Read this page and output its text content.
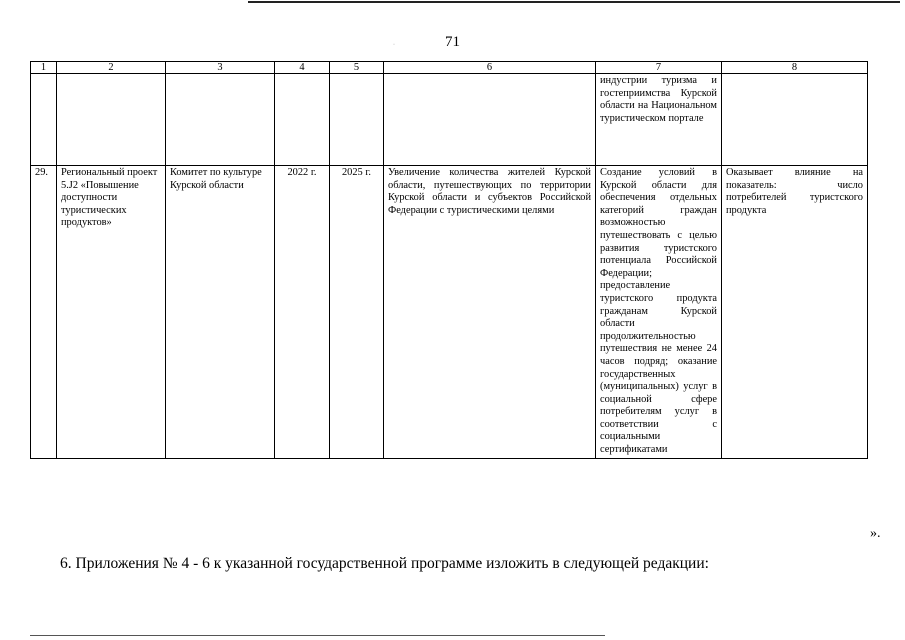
71
·
1	2	3	4	5	6	7	8
						индустрии туризма и гостеприимства Курской области на Национальном туристическом портале	
29.	Региональный проект 5.J2 «Повышение доступности туристических продуктов»	Комитет по культуре Курской области	2022 г.	2025 г.	Увеличение количества жителей Курской области, путешествующих по территории Курской области и субъектов Российской Федерации с туристическими целями	Создание условий в Курской области для обеспечения отдельных категорий граждан возможностью путешествовать с целью развития туристского потенциала Российской Федерации; предоставление туристского продукта гражданам Курской области продолжительностью путешествия не менее 24 часов подряд; оказание государственных (муниципальных) услуг в социальной сфере потребителям услуг в соответствии с социальными сертификатами	Оказывает влияние на показатель: число потребителей туристского продукта
».
6. Приложения № 4 - 6 к указанной государственной программе изложить в следующей редакции:
